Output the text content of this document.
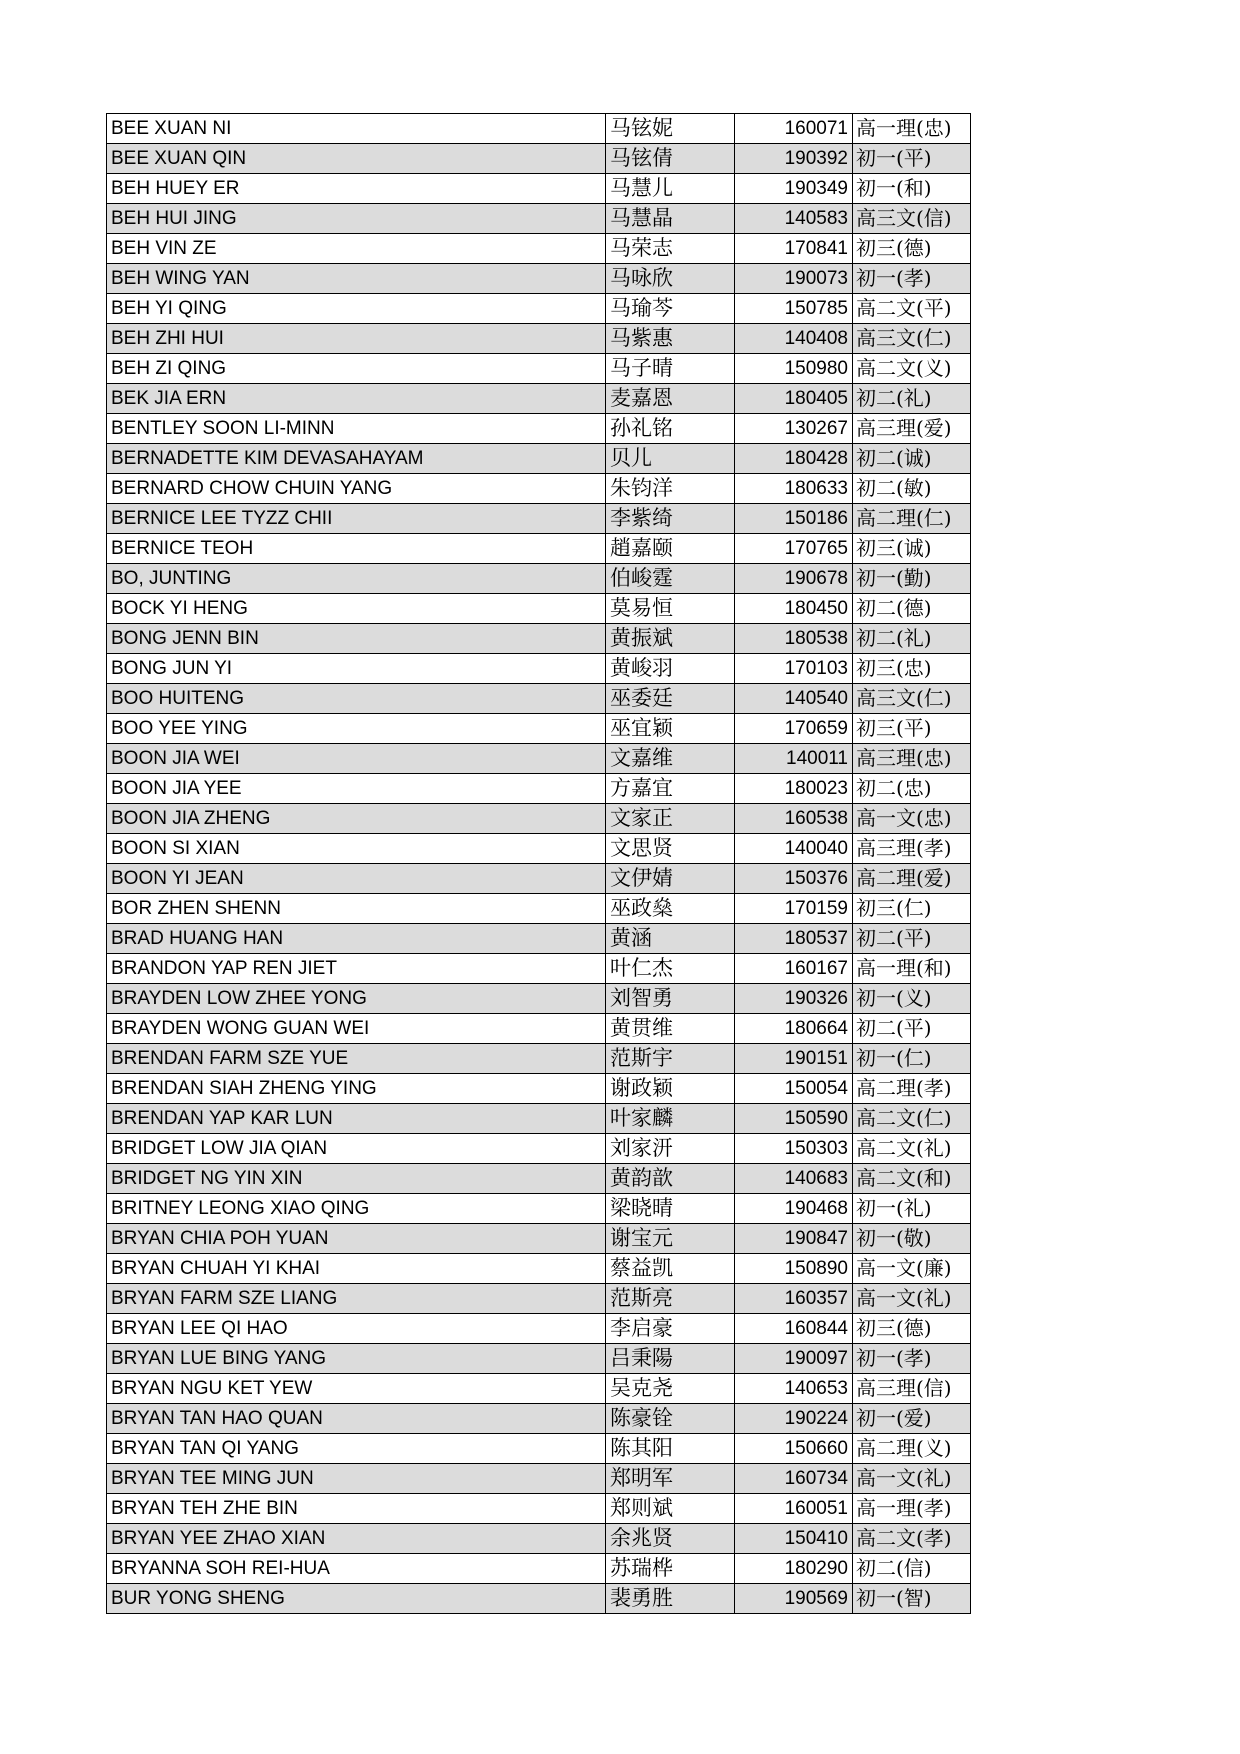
BEE XUAN NI	马铉妮	160071	高一理(忠)
BEE XUAN QIN	马铉倩	190392	初一(平)
BEH HUEY ER	马慧儿	190349	初一(和)
BEH HUI JING	马慧晶	140583	高三文(信)
BEH VIN ZE	马荣志	170841	初三(德)
BEH WING YAN	马咏欣	190073	初一(孝)
BEH YI QING	马瑜芩	150785	高二文(平)
BEH ZHI HUI	马紫惠	140408	高三文(仁)
BEH ZI QING	马子晴	150980	高二文(义)
BEK JIA ERN	麦嘉恩	180405	初二(礼)
BENTLEY SOON LI-MINN	孙礼铭	130267	高三理(爱)
BERNADETTE KIM DEVASAHAYAM	贝儿	180428	初二(诚)
BERNARD CHOW CHUIN YANG	朱钧洋	180633	初二(敏)
BERNICE LEE TYZZ CHII	李紫绮	150186	高二理(仁)
BERNICE TEOH	趙嘉颐	170765	初三(诚)
BO, JUNTING	伯峻霆	190678	初一(勤)
BOCK YI HENG	莫易恒	180450	初二(德)
BONG JENN BIN	黄振斌	180538	初二(礼)
BONG JUN YI	黄峻羽	170103	初三(忠)
BOO HUITENG	巫委廷	140540	高三文(仁)
BOO YEE YING	巫宜颖	170659	初三(平)
BOON JIA WEI	文嘉维	140011	高三理(忠)
BOON JIA YEE	方嘉宜	180023	初二(忠)
BOON JIA ZHENG	文家正	160538	高一文(忠)
BOON SI XIAN	文思贤	140040	高三理(孝)
BOON YI JEAN	文伊婧	150376	高二理(爱)
BOR ZHEN SHENN	巫政燊	170159	初三(仁)
BRAD HUANG HAN	黄涵	180537	初二(平)
BRANDON YAP REN JIET	叶仁杰	160167	高一理(和)
BRAYDEN LOW ZHEE YONG	刘智勇	190326	初一(义)
BRAYDEN WONG GUAN WEI	黄贯维	180664	初二(平)
BRENDAN FARM SZE YUE	范斯宇	190151	初一(仁)
BRENDAN SIAH ZHENG YING	谢政颖	150054	高二理(孝)
BRENDAN YAP KAR LUN	叶家麟	150590	高二文(仁)
BRIDGET LOW JIA QIAN	刘家汧	150303	高二文(礼)
BRIDGET NG YIN XIN	黄韵歆	140683	高二文(和)
BRITNEY LEONG XIAO QING	梁晓晴	190468	初一(礼)
BRYAN CHIA POH YUAN	谢宝元	190847	初一(敬)
BRYAN CHUAH YI KHAI	蔡益凯	150890	高一文(廉)
BRYAN FARM SZE LIANG	范斯亮	160357	高一文(礼)
BRYAN LEE QI HAO	李启豪	160844	初三(德)
BRYAN LUE BING YANG	吕秉陽	190097	初一(孝)
BRYAN NGU KET YEW	吴克尧	140653	高三理(信)
BRYAN TAN HAO QUAN	陈豪铨	190224	初一(爱)
BRYAN TAN QI YANG	陈其阳	150660	高二理(义)
BRYAN TEE MING JUN	郑明军	160734	高一文(礼)
BRYAN TEH ZHE BIN	郑则斌	160051	高一理(孝)
BRYAN YEE ZHAO XIAN	余兆贤	150410	高二文(孝)
BRYANNA SOH REI-HUA	苏瑞桦	180290	初二(信)
BUR YONG SHENG	裴勇胜	190569	初一(智)
